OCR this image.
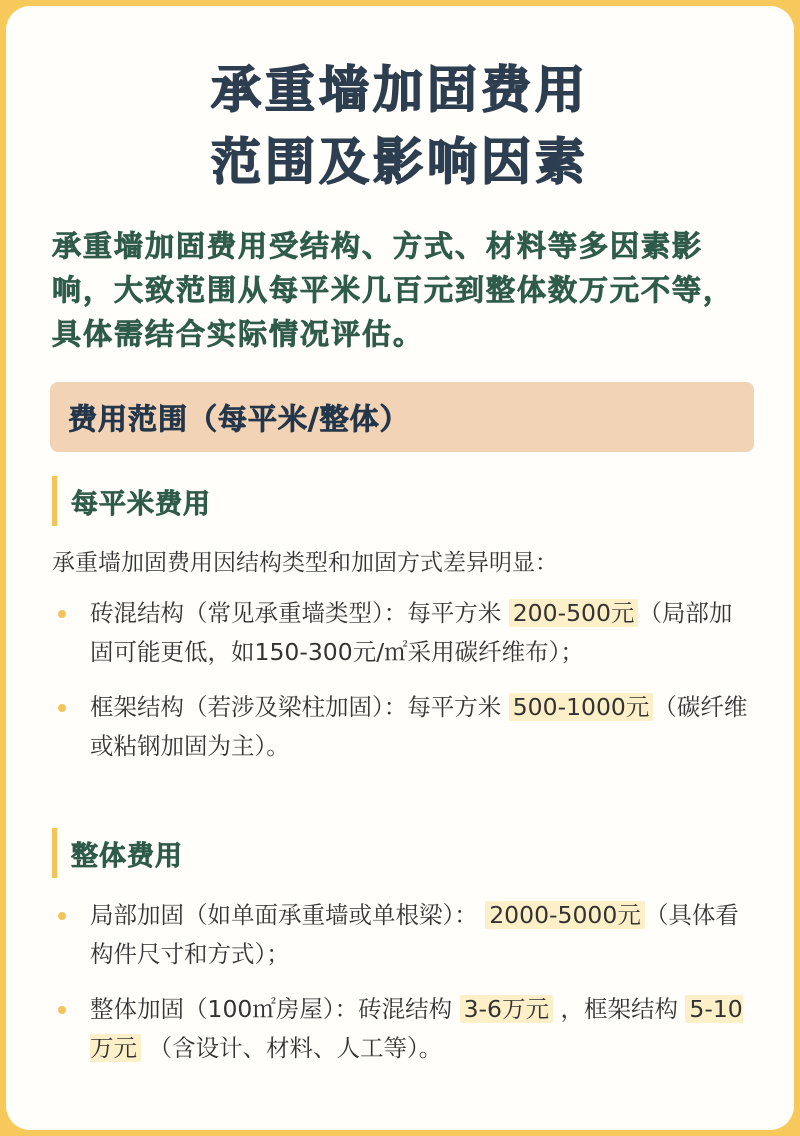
承重墙加固费用
范围及影响因素
承重墙加固费用受结构、方式、材料等多因素影响，大致范围从每平米几百元到整体数万元不等，具体需结合实际情况评估。
费用范围（每平米/整体）
每平米费用
承重墙加固费用因结构类型和加固方式差异明显：
砖混结构（常见承重墙类型）：每平方米 200-500元 （局部加固可能更低，如150-300元/㎡采用碳纤维布）；
框架结构（若涉及梁柱加固）：每平方米 500-1000元 （碳纤维或粘钢加固为主）。
整体费用
局部加固（如单面承重墙或单根梁）： 2000-5000元 （具体看构件尺寸和方式）；
整体加固（100㎡房屋）：砖混结构 3-6万元 ，框架结构 5-10万元 （含设计、材料、人工等）。
